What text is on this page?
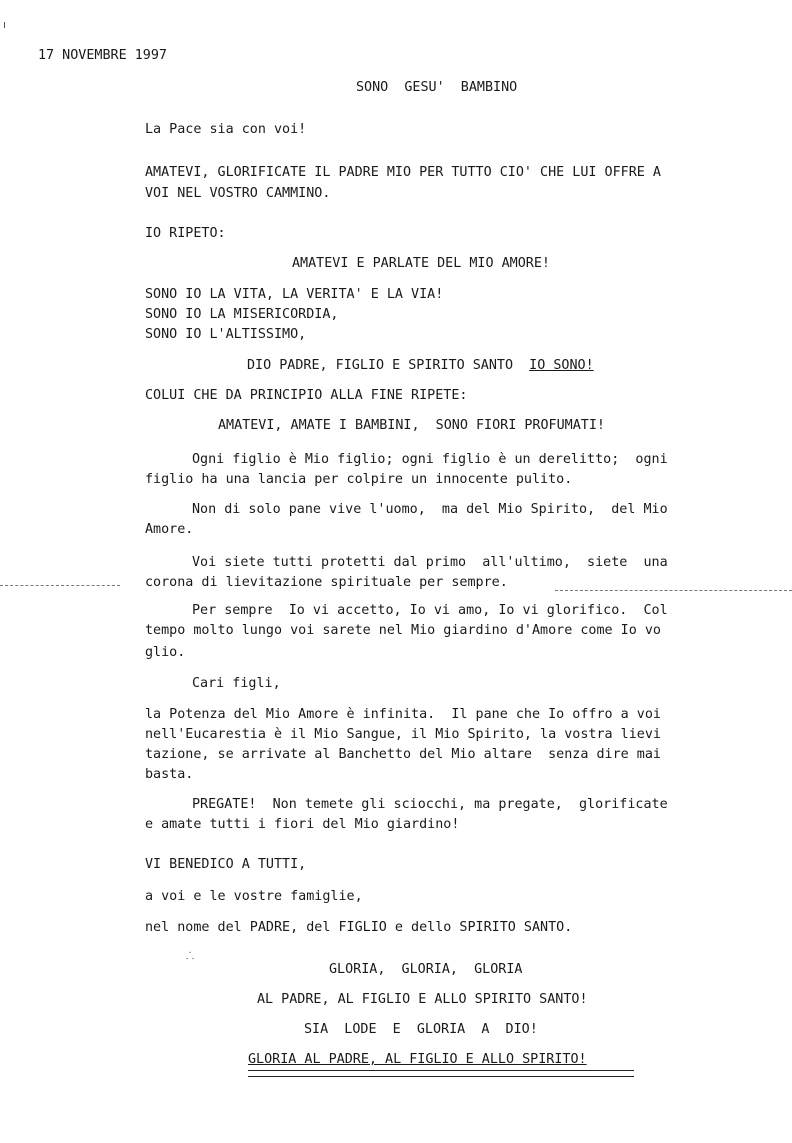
17 NOVEMBRE 1997
SONO  GESU'  BAMBINO
La Pace sia con voi!
AMATEVI, GLORIFICATE IL PADRE MIO PER TUTTO CIO' CHE LUI OFFRE A
VOI NEL VOSTRO CAMMINO.
IO RIPETO:
AMATEVI E PARLATE DEL MIO AMORE!
SONO IO LA VITA, LA VERITA' E LA VIA!
SONO IO LA MISERICORDIA,
SONO IO L'ALTISSIMO,
DIO PADRE, FIGLIO E SPIRITO SANTO IO SONO!
COLUI CHE DA PRINCIPIO ALLA FINE RIPETE:
AMATEVI, AMATE I BAMBINI,  SONO FIORI PROFUMATI!
Ogni figlio è Mio figlio; ogni figlio è un derelitto;  ogni
figlio ha una lancia per colpire un innocente pulito.
Non di solo pane vive l'uomo,  ma del Mio Spirito,  del Mio
Amore.
Voi siete tutti protetti dal primo  all'ultimo,  siete  una
corona di lievitazione spirituale per sempre.
Per sempre  Io vi accetto, Io vi amo, Io vi glorifico.  Col
tempo molto lungo voi sarete nel Mio giardino d'Amore come Io vo
glio.
Cari figli,
la Potenza del Mio Amore è infinita.  Il pane che Io offro a voi
nell'Eucarestia è il Mio Sangue, il Mio Spirito, la vostra lievi
tazione, se arrivate al Banchetto del Mio altare  senza dire mai
basta.
PREGATE!  Non temete gli sciocchi, ma pregate,  glorificate
e amate tutti i fiori del Mio giardino!
VI BENEDICO A TUTTI,
a voi e le vostre famiglie,
nel nome del PADRE, del FIGLIO e dello SPIRITO SANTO.
⸫
GLORIA,  GLORIA,  GLORIA
AL PADRE, AL FIGLIO E ALLO SPIRITO SANTO!
SIA  LODE  E  GLORIA  A  DIO!
GLORIA AL PADRE, AL FIGLIO E ALLO SPIRITO!
